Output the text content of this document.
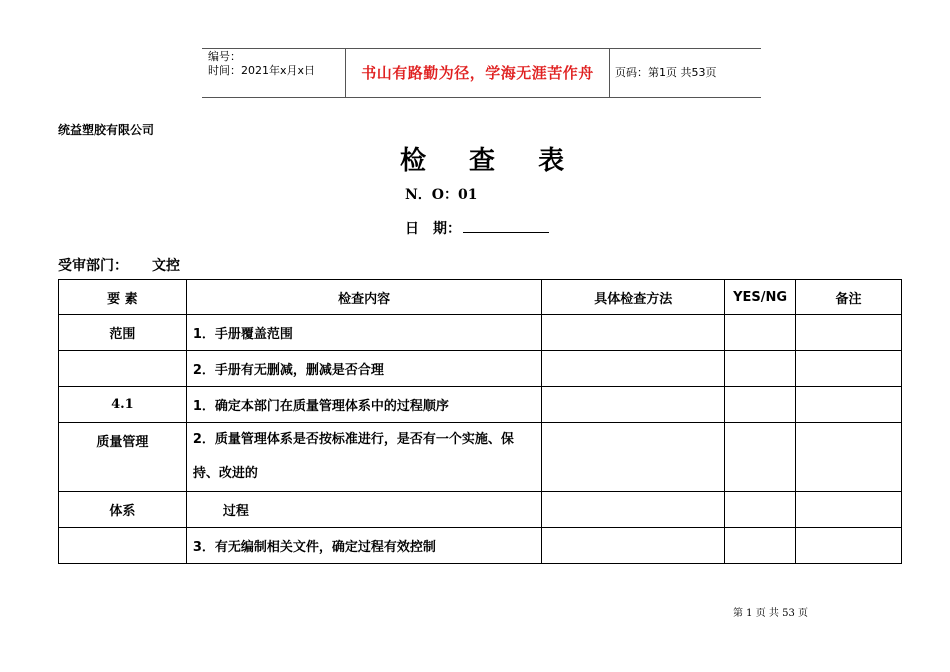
编号：
时间：2021年x月x日	书山有路勤为径，学海无涯苦作舟	页码：第1页 共53页
统益塑胶有限公司
检 查 表
N．O：01
日　期：
受审部门： 文控
要 素	检查内容	具体检查方法	YES/NG	备注
范围	1．手册覆盖范围			
	2．手册有无删减，删减是否合理			
4.1	1．确定本部门在质量管理体系中的过程顺序			
质量管理	2．质量管理体系是否按标准进行，是否有一个实施、保持、改进的			
体系	过程			
	3．有无编制相关文件，确定过程有效控制			
第 1 页 共 53 页
